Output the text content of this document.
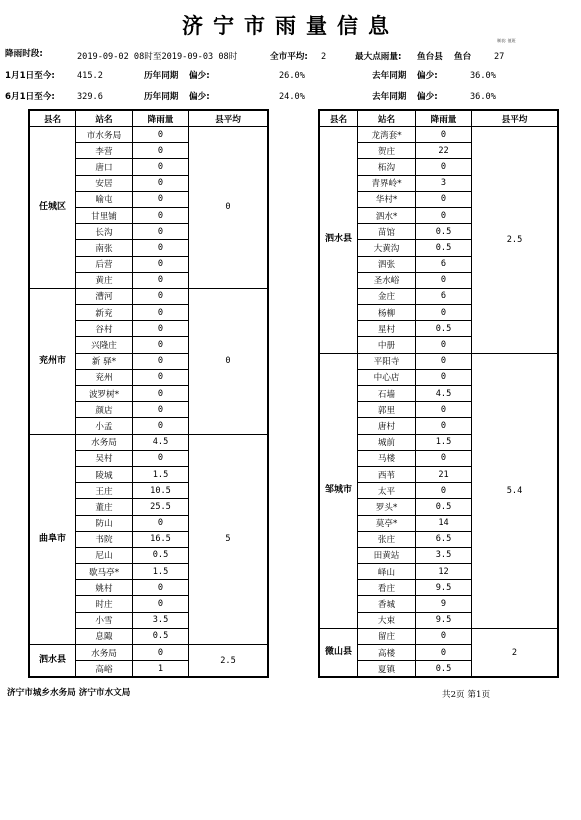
济宁市雨量信息
制表: 值班
降雨时段:	2019-09-02 08时至2019-09-03 08时	全市平均: 2	最大点雨量: 鱼台县 鱼台	27
1月1日至今:	415.2	历年同期 偏少:	26.0%	去年同期 偏少:	36.0%
6月1日至今:	329.6	历年同期 偏少:	24.0%	去年同期 偏少:	36.0%
县名	站名	降雨量	县平均
任城区	市水务局	0	0
	李营	0	
	唐口	0	
	安居	0	
	喻屯	0	
	甘里铺	0	
	长沟	0	
	南张	0	
	后营	0	
	黄庄	0	
兖州市	漕河	0	0
	新兖	0	
	谷村	0	
	兴隆庄	0	
	新 驿*	0	
	兖州	0	
	波罗树*	0	
	颜店	0	
	小孟	0	
曲阜市	水务局	4.5	5
	吴村	0	
	陵城	1.5	
	王庄	10.5	
	董庄	25.5	
	防山	0	
	书院	16.5	
	尼山	0.5	
	歇马亭*	1.5	
	姚村	0	
	时庄	0	
	小雪	3.5	
	息陬	0.5	
泗水县	水务局	0	2.5
	高峪	1	
县名	站名	降雨量	县平均
泗水县	龙湾套*	0	2.5
	贺庄	22	
	柘沟	0	
	青界岭*	3	
	华村*	0	
	泗水*	0	
	苗馆	0.5	
	大黄沟	0.5	
	泗张	6	
	圣水峪	0	
	金庄	6	
	杨柳	0	
	星村	0.5	
	中册	0	
邹城市	平阳寺	0	5.4
	中心店	0	
	石墙	4.5	
	郭里	0	
	唐村	0	
	城前	1.5	
	马楼	0	
	西苇	21	
	太平	0	
	罗头*	0.5	
	莫亭*	14	
	张庄	6.5	
	田黄站	3.5	
	峄山	12	
	看庄	9.5	
	香城	9	
	大束	9.5	
微山县	留庄	0	2
	高楼	0	
	夏镇	0.5	
济宁市城乡水务局 济宁市水文局	共2页 第1页
